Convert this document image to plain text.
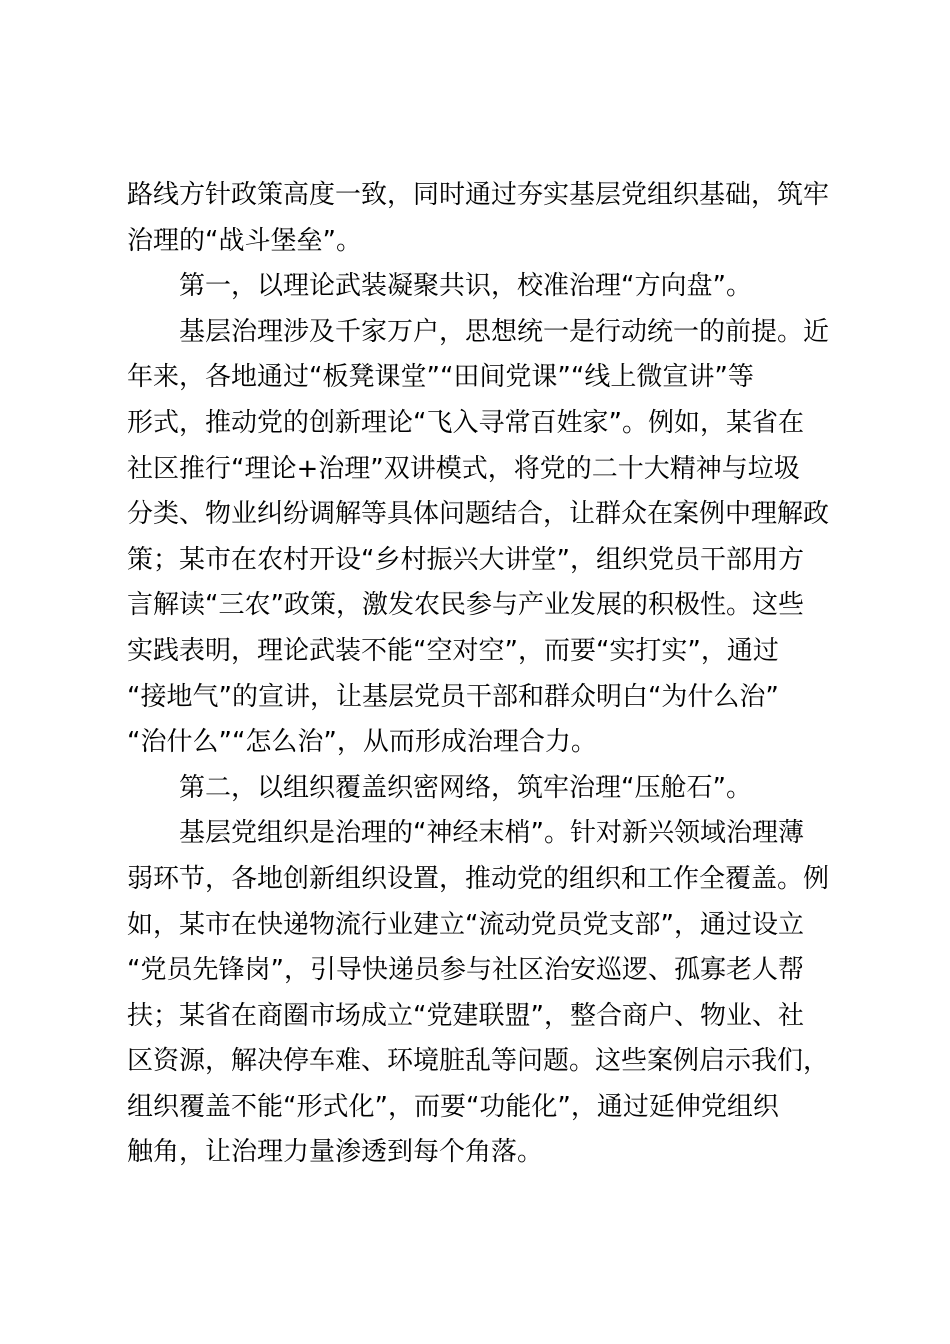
路线方针政策高度一致，同时通过夯实基层党组织基础，筑牢
治理的“战斗堡垒”。
第一，以理论武装凝聚共识，校准治理“方向盘”。
基层治理涉及千家万户，思想统一是行动统一的前提。近
年来，各地通过“板凳课堂”“田间党课”“线上微宣讲”等
形式，推动党的创新理论“飞入寻常百姓家”。例如，某省在
社区推行“理论+治理”双讲模式，将党的二十大精神与垃圾
分类、物业纠纷调解等具体问题结合，让群众在案例中理解政
策；某市在农村开设“乡村振兴大讲堂”，组织党员干部用方
言解读“三农”政策，激发农民参与产业发展的积极性。这些
实践表明，理论武装不能“空对空”，而要“实打实”，通过
“接地气”的宣讲，让基层党员干部和群众明白“为什么治”
“治什么”“怎么治”，从而形成治理合力。
第二，以组织覆盖织密网络，筑牢治理“压舱石”。
基层党组织是治理的“神经末梢”。针对新兴领域治理薄
弱环节，各地创新组织设置，推动党的组织和工作全覆盖。例
如，某市在快递物流行业建立“流动党员党支部”，通过设立
“党员先锋岗”，引导快递员参与社区治安巡逻、孤寡老人帮
扶；某省在商圈市场成立“党建联盟”，整合商户、物业、社
区资源，解决停车难、环境脏乱等问题。这些案例启示我们，
组织覆盖不能“形式化”，而要“功能化”，通过延伸党组织
触角，让治理力量渗透到每个角落。
